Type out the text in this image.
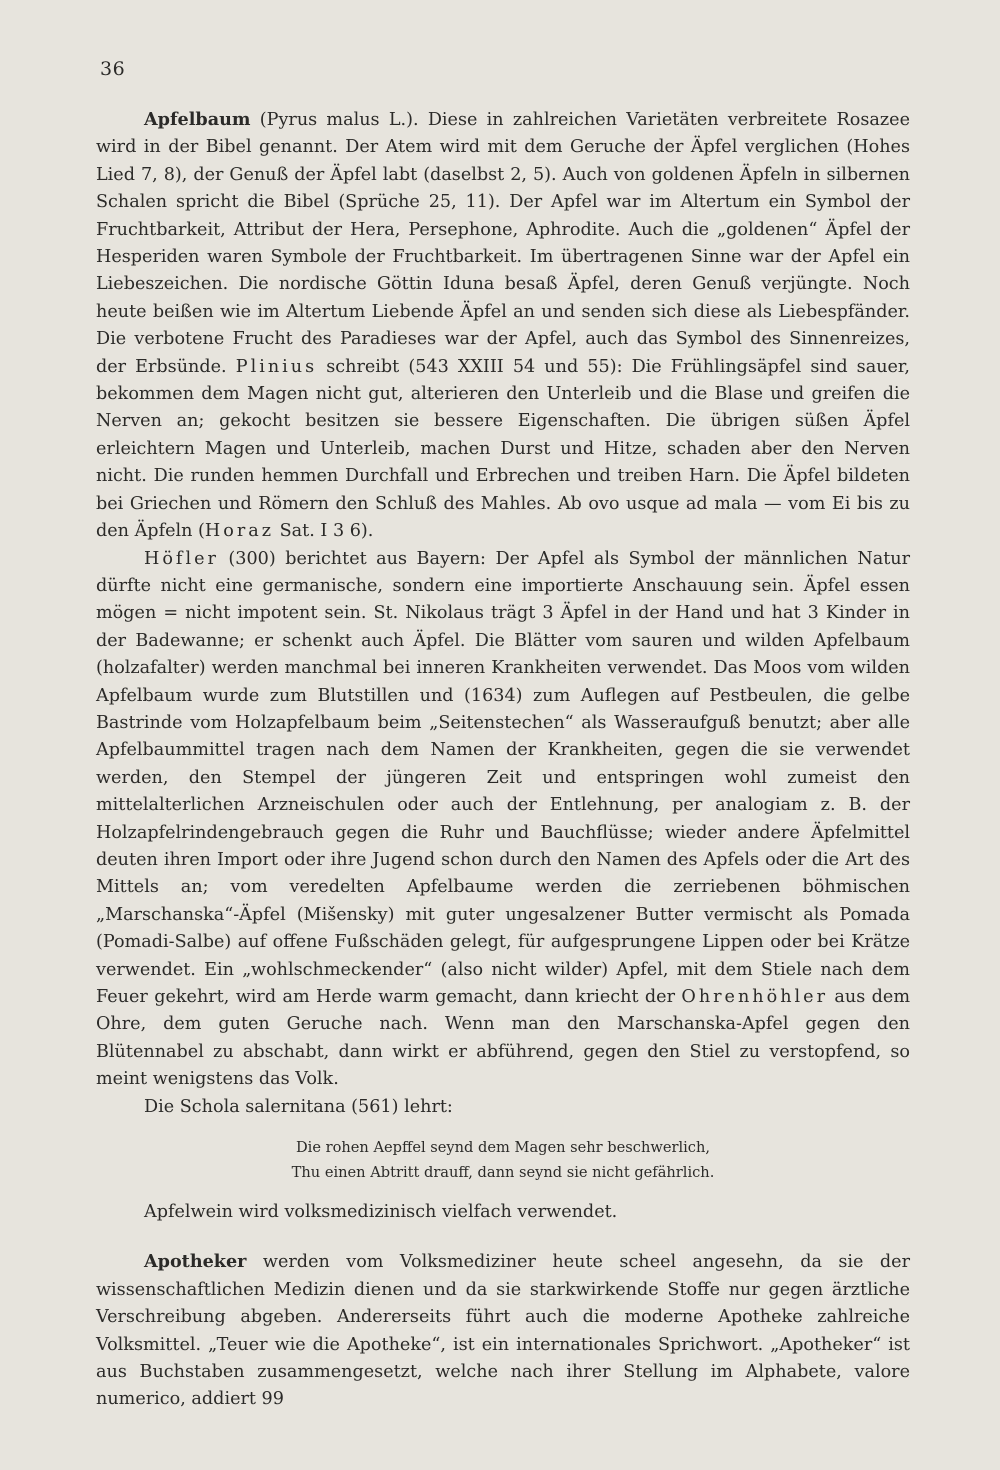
36

Apfelbaum (Pyrus malus L.). Diese in zahlreichen Varietäten verbreitete Rosazee wird in der Bibel genannt. Der Atem wird mit dem Geruche der Äpfel verglichen (Hohes Lied 7, 8), der Genuß der Äpfel labt (daselbst 2, 5). Auch von goldenen Äpfeln in silbernen Schalen spricht die Bibel (Sprüche 25, 11). Der Apfel war im Altertum ein Symbol der Fruchtbarkeit, Attribut der Hera, Persephone, Aphrodite. Auch die „goldenen“ Äpfel der Hesperiden waren Symbole der Fruchtbarkeit. Im übertragenen Sinne war der Apfel ein Liebeszeichen. Die nordische Göttin Iduna besaß Äpfel, deren Genuß verjüngte. Noch heute beißen wie im Altertum Liebende Äpfel an und senden sich diese als Liebespfänder. Die verbotene Frucht des Paradieses war der Apfel, auch das Symbol des Sinnenreizes, der Erbsünde. Plinius schreibt (543 XXIII 54 und 55): Die Frühlingsäpfel sind sauer, bekommen dem Magen nicht gut, alterieren den Unterleib und die Blase und greifen die Nerven an; gekocht besitzen sie bessere Eigenschaften. Die übrigen süßen Äpfel erleichtern Magen und Unterleib, machen Durst und Hitze, schaden aber den Nerven nicht. Die runden hemmen Durchfall und Erbrechen und treiben Harn. Die Äpfel bildeten bei Griechen und Römern den Schluß des Mahles. Ab ovo usque ad mala — vom Ei bis zu den Äpfeln (Horaz Sat. I 3 6).

Höfler (300) berichtet aus Bayern: Der Apfel als Symbol der männlichen Natur dürfte nicht eine germanische, sondern eine importierte Anschauung sein. Äpfel essen mögen = nicht impotent sein. St. Nikolaus trägt 3 Äpfel in der Hand und hat 3 Kinder in der Badewanne; er schenkt auch Äpfel. Die Blätter vom sauren und wilden Apfelbaum (holzafalter) werden manchmal bei inneren Krankheiten verwendet. Das Moos vom wilden Apfelbaum wurde zum Blutstillen und (1634) zum Auflegen auf Pestbeulen, die gelbe Bastrinde vom Holzapfelbaum beim „Seitenstechen“ als Wasseraufguß benutzt; aber alle Apfelbaummittel tragen nach dem Namen der Krankheiten, gegen die sie verwendet werden, den Stempel der jüngeren Zeit und entspringen wohl zumeist den mittelalterlichen Arzneischulen oder auch der Entlehnung, per analogiam z. B. der Holzapfelrindengebrauch gegen die Ruhr und Bauchflüsse; wieder andere Äpfelmittel deuten ihren Import oder ihre Jugend schon durch den Namen des Apfels oder die Art des Mittels an; vom veredelten Apfelbaume werden die zerriebenen böhmischen „Marschanska“-Äpfel (Mišensky) mit guter ungesalzener Butter vermischt als Pomada (Pomadi-Salbe) auf offene Fußschäden gelegt, für aufgesprungene Lippen oder bei Krätze verwendet. Ein „wohlschmeckender“ (also nicht wilder) Apfel, mit dem Stiele nach dem Feuer gekehrt, wird am Herde warm gemacht, dann kriecht der Ohrenhöhler aus dem Ohre, dem guten Geruche nach. Wenn man den Marschanska-Apfel gegen den Blütennabel zu abschabt, dann wirkt er abführend, gegen den Stiel zu verstopfend, so meint wenigstens das Volk.

Die Schola salernitana (561) lehrt:

Die rohen Aepffel seynd dem Magen sehr beschwerlich,
Thu einen Abtritt drauff, dann seynd sie nicht gefährlich.

Apfelwein wird volksmedizinisch vielfach verwendet.

Apotheker werden vom Volksmediziner heute scheel angesehn, da sie der wissenschaftlichen Medizin dienen und da sie starkwirkende Stoffe nur gegen ärztliche Verschreibung abgeben. Andererseits führt auch die moderne Apotheke zahlreiche Volksmittel. „Teuer wie die Apotheke“, ist ein internationales Sprichwort. „Apotheker“ ist aus Buchstaben zusammengesetzt, welche nach ihrer Stellung im Alphabete, valore numerico, addiert 99
